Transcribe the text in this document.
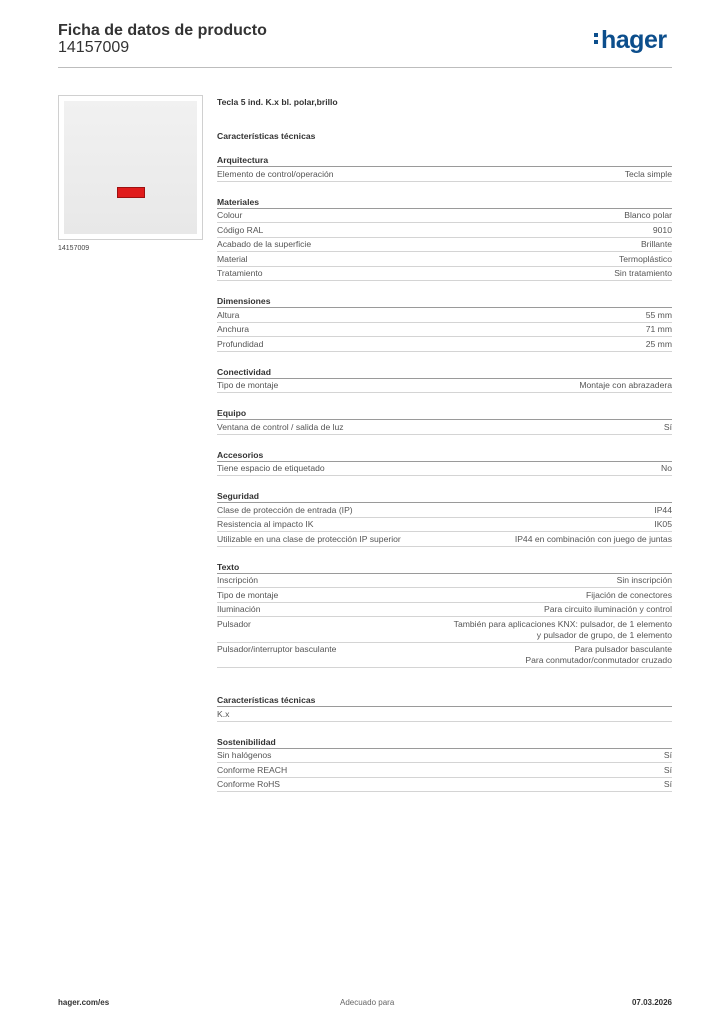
Ficha de datos de producto
14157009	hager
14157009
Tecla 5 ind. K.x bl. polar,brillo
Características técnicas
Arquitectura
Elemento de control/operación	Tecla simple
Materiales
Colour	Blanco polar
Código RAL	9010
Acabado de la superficie	Brillante
Material	Termoplástico
Tratamiento	Sin tratamiento
Dimensiones
Altura	55 mm
Anchura	71 mm
Profundidad	25 mm
Conectividad
Tipo de montaje	Montaje con abrazadera
Equipo
Ventana de control / salida de luz	Sí
Accesorios
Tiene espacio de etiquetado	No
Seguridad
Clase de protección de entrada (IP)	IP44
Resistencia al impacto IK	IK05
Utilizable en una clase de protección IP superior	IP44 en combinación con juego de juntas
Texto
Inscripción	Sin inscripción
Tipo de montaje	Fijación de conectores
Iluminación	Para circuito iluminación y control
Pulsador	También para aplicaciones KNX: pulsador, de 1 elemento
y pulsador de grupo, de 1 elemento
Pulsador/interruptor basculante	Para pulsador basculante
Para conmutador/conmutador cruzado
Características técnicas
K.x
Sostenibilidad
Sin halógenos	Sí
Conforme REACH	Sí
Conforme RoHS	Sí
hager.com/es	Adecuado para	07.03.2026
